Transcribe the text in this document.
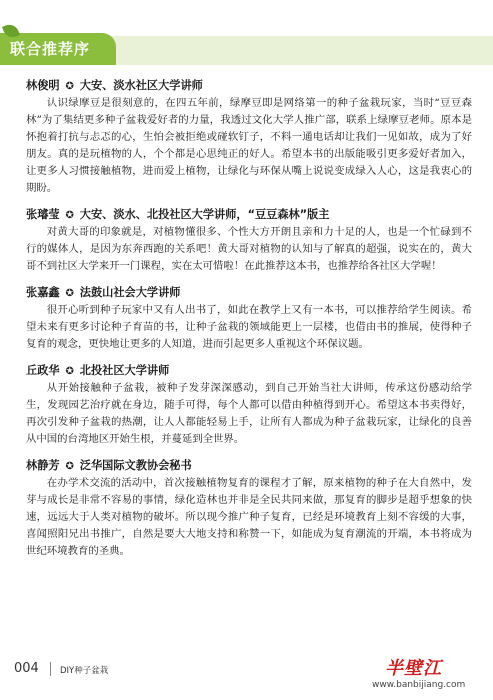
联合推荐序
林俊明 ✪ 大安、淡水社区大学讲师

认识绿摩豆是很刻意的，在四五年前，绿摩豆即是网络第一的种子盆栽玩家，当时“豆豆森林”为了集结更多种子盆栽爱好者的力量，我透过文化大学人推广部，联系上绿摩豆老师。原本是怀抱着打抗与忐忑的心，生怕会被拒绝或碰软钉子，不料一通电话却让我们一见如故，成为了好朋友。真的是玩植物的人，个个都是心思纯正的好人。希望本书的出版能吸引更多爱好者加入，让更多人习惯接触植物，进而爱上植物，让绿化与环保从嘴上说说变成绿入人心，这是我衷心的期盼。

张璿莹 ✪ 大安、淡水、北投社区大学讲师，“豆豆森林”版主

对黄大哥的印象就是，对植物懂很多、个性大方开朗且亲和力十足的人，也是一个忙碌到不行的媒体人，是因为东奔西跑的关系吧！黄大哥对植物的认知与了解真的超强，说实在的，黄大哥不到社区大学来开一门课程，实在太可惜啦！在此推荐这本书，也推荐给各社区大学喔！

张嘉鑫 ✪ 法鼓山社会大学讲师

很开心听到种子玩家中又有人出书了，如此在教学上又有一本书，可以推荐给学生阅读。希望未来有更多讨论种子育苗的书，让种子盆栽的领域能更上一层楼，也借由书的推展，使得种子复育的观念，更快地让更多的人知道，进而引起更多人重视这个环保议题。

丘政华 ✪ 北投社区大学讲师

从开始接触种子盆栽，被种子发芽深深感动，到自己开始当社大讲师，传承这份感动给学生，发现园艺治疗就在身边，随手可得，每个人都可以借由种植得到开心。希望这本书卖得好，再次引发种子盆栽的热潮，让人人都能轻易上手，让所有人都成为种子盆栽玩家，让绿化的良善从中国的台湾地区开始生根，并蔓延到全世界。

林静芳 ✪ 泛华国际文教协会秘书

在办学术交流的活动中，首次接触植物复育的课程才了解，原来植物的种子在大自然中，发芽与成长是非常不容易的事情，绿化造林也并非是全民共同来做，那复育的脚步是超乎想象的快速，远远大于人类对植物的破坏。所以现今推广种子复育，已经是环境教育上刻不容缓的大事，喜闻照阳兄出书推广，自然是要大大地支持和称赞一下，如能成为复育潮流的开端，本书将成为世纪环境教育的圣典。

004 DIY种子盆栽	半壁江
www.banbijiang.com
